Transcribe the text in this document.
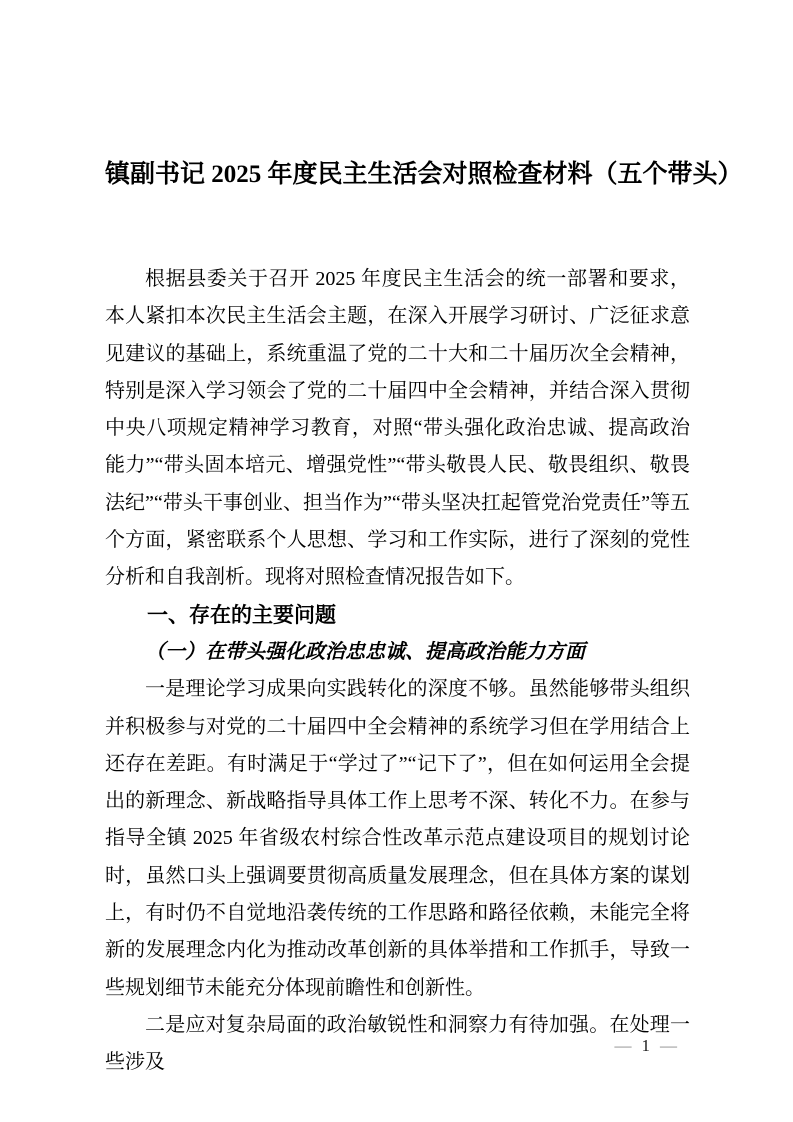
镇副书记 2025 年度民主生活会对照检查材料（五个带头）

根据县委关于召开 2025 年度民主生活会的统一部署和要求，本人紧扣本次民主生活会主题，在深入开展学习研讨、广泛征求意见建议的基础上，系统重温了党的二十大和二十届历次全会精神，特别是深入学习领会了党的二十届四中全会精神，并结合深入贯彻中央八项规定精神学习教育，对照“带头强化政治忠诚、提高政治能力”“带头固本培元、增强党性”“带头敬畏人民、敬畏组织、敬畏法纪”“带头干事创业、担当作为”“带头坚决扛起管党治党责任”等五个方面，紧密联系个人思想、学习和工作实际，进行了深刻的党性分析和自我剖析。现将对照检查情况报告如下。

一、存在的主要问题

（一）在带头强化政治忠忠诚、提高政治能力方面

一是理论学习成果向实践转化的深度不够。虽然能够带头组织并积极参与对党的二十届四中全会精神的系统学习但在学用结合上还存在差距。有时满足于“学过了”“记下了”，但在如何运用全会提出的新理念、新战略指导具体工作上思考不深、转化不力。在参与指导全镇 2025 年省级农村综合性改革示范点建设项目的规划讨论时，虽然口头上强调要贯彻高质量发展理念，但在具体方案的谋划上，有时仍不自觉地沿袭传统的工作思路和路径依赖，未能完全将新的发展理念内化为推动改革创新的具体举措和工作抓手，导致一些规划细节未能充分体现前瞻性和创新性。

二是应对复杂局面的政治敏锐性和洞察力有待加强。在处理一些涉及

— 1 —
